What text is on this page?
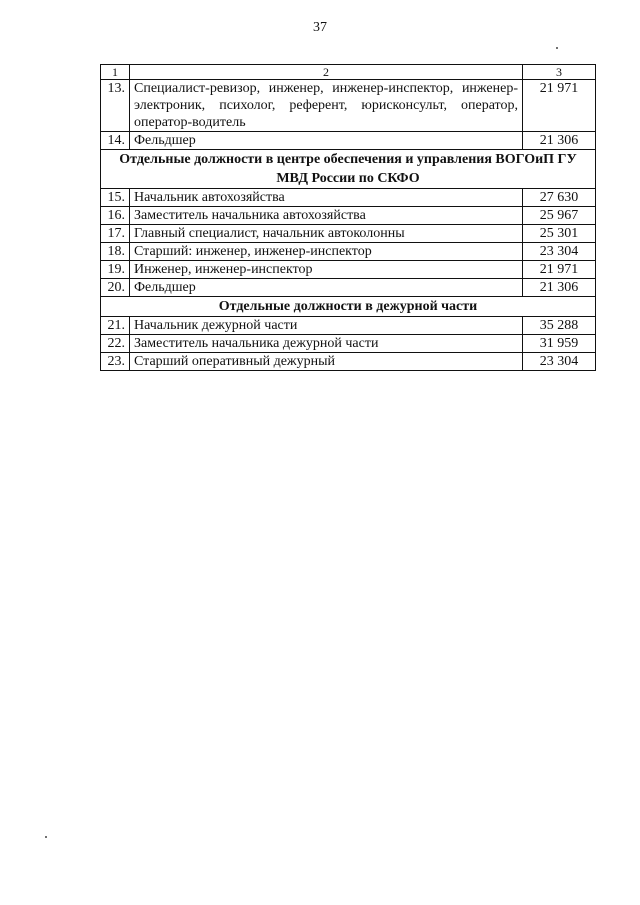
37
1	2	3
13.	Специалист-ревизор, инженер, инженер-инспектор, инженер-электроник, психолог, референт, юрисконсульт, оператор, оператор-водитель	21 971
14.	Фельдшер	21 306
Отдельные должности в центре обеспечения и управления ВОГОиП ГУ МВД России по СКФО		
15.	Начальник автохозяйства	27 630
16.	Заместитель начальника автохозяйства	25 967
17.	Главный специалист, начальник автоколонны	25 301
18.	Старший: инженер, инженер-инспектор	23 304
19.	Инженер, инженер-инспектор	21 971
20.	Фельдшер	21 306
Отдельные должности в дежурной части		
21.	Начальник дежурной части	35 288
22.	Заместитель начальника дежурной части	31 959
23.	Старший оперативный дежурный	23 304
